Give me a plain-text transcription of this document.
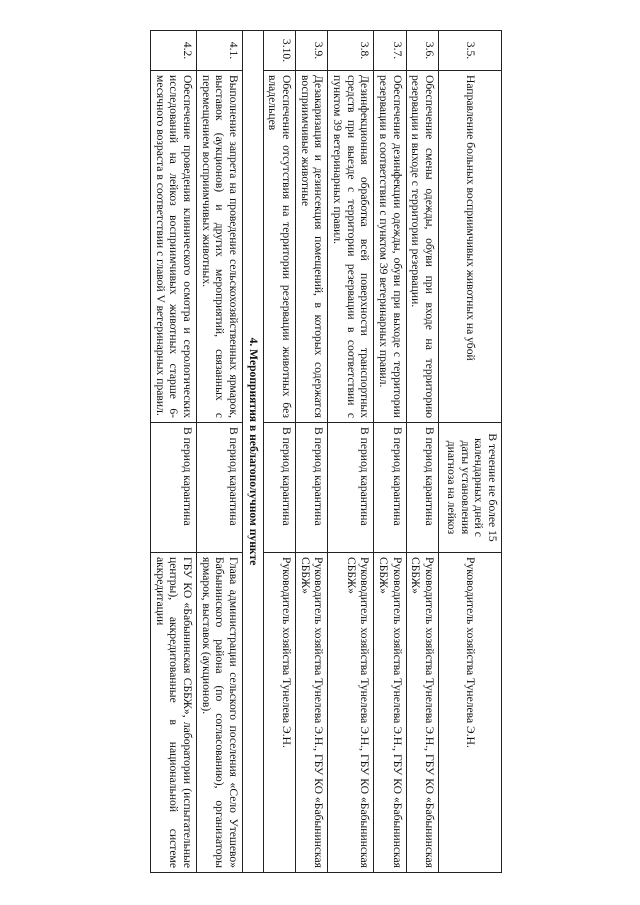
3.5.	Направление больных восприимчивых животных на убой	В течение не более 15 календарных дней с даты установления диагноза на лейкоз	Руководитель хозяйства Тунелева Э.Н.
3.6.	Обеспечение смены одежды, обуви при входе на территорию резервации и выходе с территории резервации.	В период карантина	Руководитель хозяйства Тунелева Э.Н., ГБУ КО «Бабынинская СББЖ»
3.7.	Обеспечение дезинфекции одежды, обуви при выходе с территории резервации в соответствии с пунктом 39 ветеринарных правил.	В период карантина	Руководитель хозяйства Тунелева Э.Н., ГБУ КО «Бабынинская СББЖ»
3.8.	Дезинфекционная обработка всей поверхности транспортных средств при выезде с территории резервации в соответствии с пунктом 39 ветеринарных правил.	В период карантина	Руководитель хозяйства Тунелева Э.Н., ГБУ КО «Бабынинская СББЖ»
3.9.	Дезакаризация и дезинсекция помещений, в которых содержатся восприимчивые животные	В период карантина	Руководитель хозяйства Тунелева Э.Н., ГБУ КО «Бабынинская СББЖ»
3.10.	Обеспечение отсутствия на территории резервации животных без владельцев	В период карантина	Руководитель хозяйства Тунелева Э.Н.
4. Мероприятия в неблагополучном пункте			
4.1.	Выполнение запрета на проведение сельскохозяйственных ярмарок, выставок (аукционов) и других мероприятий, связанных с перемещением восприимчивых животных.	В период карантина	Глава администрации сельского поселения «Село Утешево» Бабынинского района (по согласованию), организаторы ярмарок, выставок (аукционов).
4.2.	Обеспечение проведения клинического осмотра и серологических исследований на лейкоз восприимчивых животных старше 6-месячного возраста в соответствии с главой V ветеринарных правил.	В период карантина	ГБУ КО «Бабынинская СББЖ», лаборатории (испытательные центры), аккредитованные в национальной системе аккредитации
